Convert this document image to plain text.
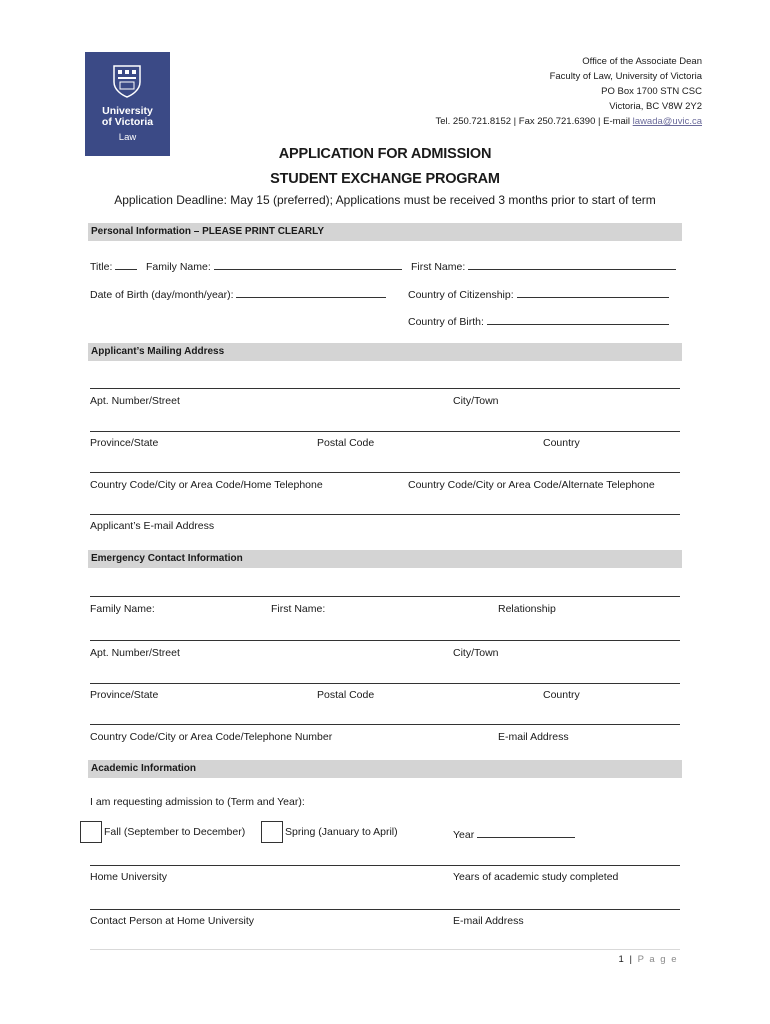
University
of Victoria
Law
Office of the Associate Dean
Faculty of Law, University of Victoria
PO Box 1700 STN CSC
Victoria, BC V8W 2Y2
Tel. 250.721.8152 | Fax 250.721.6390 | E-mail lawada@uvic.ca
APPLICATION FOR ADMISSION
STUDENT EXCHANGE PROGRAM
Application Deadline: May 15 (preferred); Applications must be received 3 months prior to start of term
Personal Information – PLEASE PRINT CLEARLY
Title:	Family Name:	First Name:
Date of Birth (day/month/year):	Country of Citizenship:
Country of Birth:
Applicant’s Mailing Address
Apt. Number/Street	City/Town
Province/State	Postal Code	Country
Country Code/City or Area Code/Home Telephone	Country Code/City or Area Code/Alternate Telephone
Applicant’s E-mail Address
Emergency Contact Information
Family Name:	First Name:	Relationship
Apt. Number/Street	City/Town
Province/State	Postal Code	Country
Country Code/City or Area Code/Telephone Number	E-mail Address
Academic Information
I am requesting admission to (Term and Year):
Fall (September to December)	Spring (January to April)	Year
Home University	Years of academic study completed
Contact Person at Home University	E-mail Address
1 | P a g e
